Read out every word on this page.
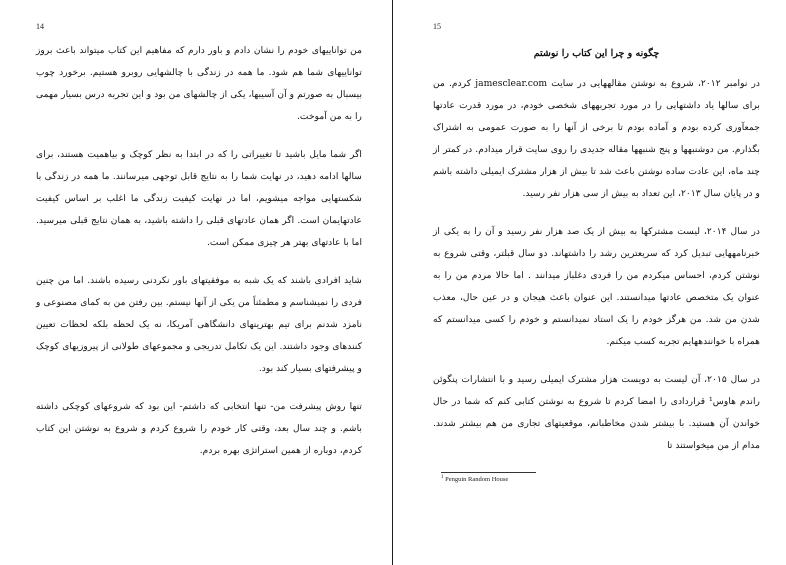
14

من تواناییهای خودم را نشان دادم و باور دارم که مفاهیم این کتاب میتواند باعث بروز تواناییهای شما هم شود. ما همه در زندگی با چالشهایی روبرو هستیم. برخورد چوب بیسبال به صورتم و آن آسیبها، یکی از چالشهای من بود و این تجربه درس بسیار مهمی را به من آموخت.

اگر شما مایل باشید تا تغییراتی را که در ابتدا به نظر کوچک و بیاهمیت هستند، برای سالها ادامه دهید، در نهایت شما را به نتایج قابل توجهی میرسانند. ما همه در زندگی با شکستهایی مواجه میشویم، اما در نهایت کیفیت زندگی ما اغلب بر اساس کیفیت عادتهایمان است. اگر همان عادتهای قبلی را داشته باشید، به همان نتایج قبلی میرسید. اما با عادتهای بهتر هر چیزی ممکن است.

شاید افرادی باشند که یک شبه به موفقیتهای باور نکردنی رسیده باشند. اما من چنین فردی را نمیشناسم و مطمئناً من یکی از آنها نیستم. بین رفتن من به کمای مصنوعی و نامزد شدنم برای تیم بهترینهای دانشگاهی آمریکا، نه یک لحظه بلکه لحظات تعیین کنندهای وجود داشتند. این یک تکامل تدریجی و مجموعهای طولانی از پیروزیهای کوچک و پیشرفتهای بسیار کند بود.

تنها روش پیشرفت من- تنها انتخابی که داشتم- این بود که شروعهای کوچکی داشته باشم. و چند سال بعد، وقتی کار خودم را شروع کردم و شروع به نوشتن این کتاب کردم، دوباره از همین استراتژی بهره بردم.

15
چگونه و چرا این کتاب را نوشتم

در نوامبر ۲۰۱۲، شروع به نوشتن مقالههایی در سایت jamesclear.com کردم. من برای سالها یاد داشتهایی را در مورد تجربههای شخصی خودم، در مورد قدرت عادتها جمعآوری کرده بودم و آماده بودم تا برخی از آنها را به صورت عمومی به اشتراک بگذارم. من دوشنبهها و پنج شنبهها مقاله جدیدی را روی سایت قرار میدادم. در کمتر از چند ماه، این عادت ساده نوشتن باعث شد تا بیش از هزار مشترک ایمیلی داشته باشم و در پایان سال ۲۰۱۳، این تعداد به بیش از سی هزار نفر رسید.

در سال ۲۰۱۴، لیست مشترکها به بیش از یک صد هزار نفر رسید و آن را به یکی از خبرنامههایی تبدیل کرد که سریعترین رشد را داشتهاند. دو سال قبلتر، وقتی شروع به نوشتن کردم، احساس میکردم من را فردی دغلباز میدانند . اما حالا مردم من را به عنوان یک متخصص عادتها میدانستند. این عنوان باعث هیجان و در عین حال، معذب شدن من شد. من هرگز خودم را یک استاد نمیدانستم و خودم را کسی میدانستم که همراه با خوانندههایم تجربه کسب میکنم.

در سال ۲۰۱۵، آن لیست به دویست هزار مشترک ایمیلی رسید و با انتشارات پنگوئن راندم هاوس¹ قراردادی را امضا کردم تا شروع به نوشتن کتابی کنم که شما در حال خواندن آن هستید. با بیشتر شدن مخاطبانم، موقعیتهای تجاری من هم بیشتر شدند. مدام از من میخواستند تا

$^1$ Penguin Random House
